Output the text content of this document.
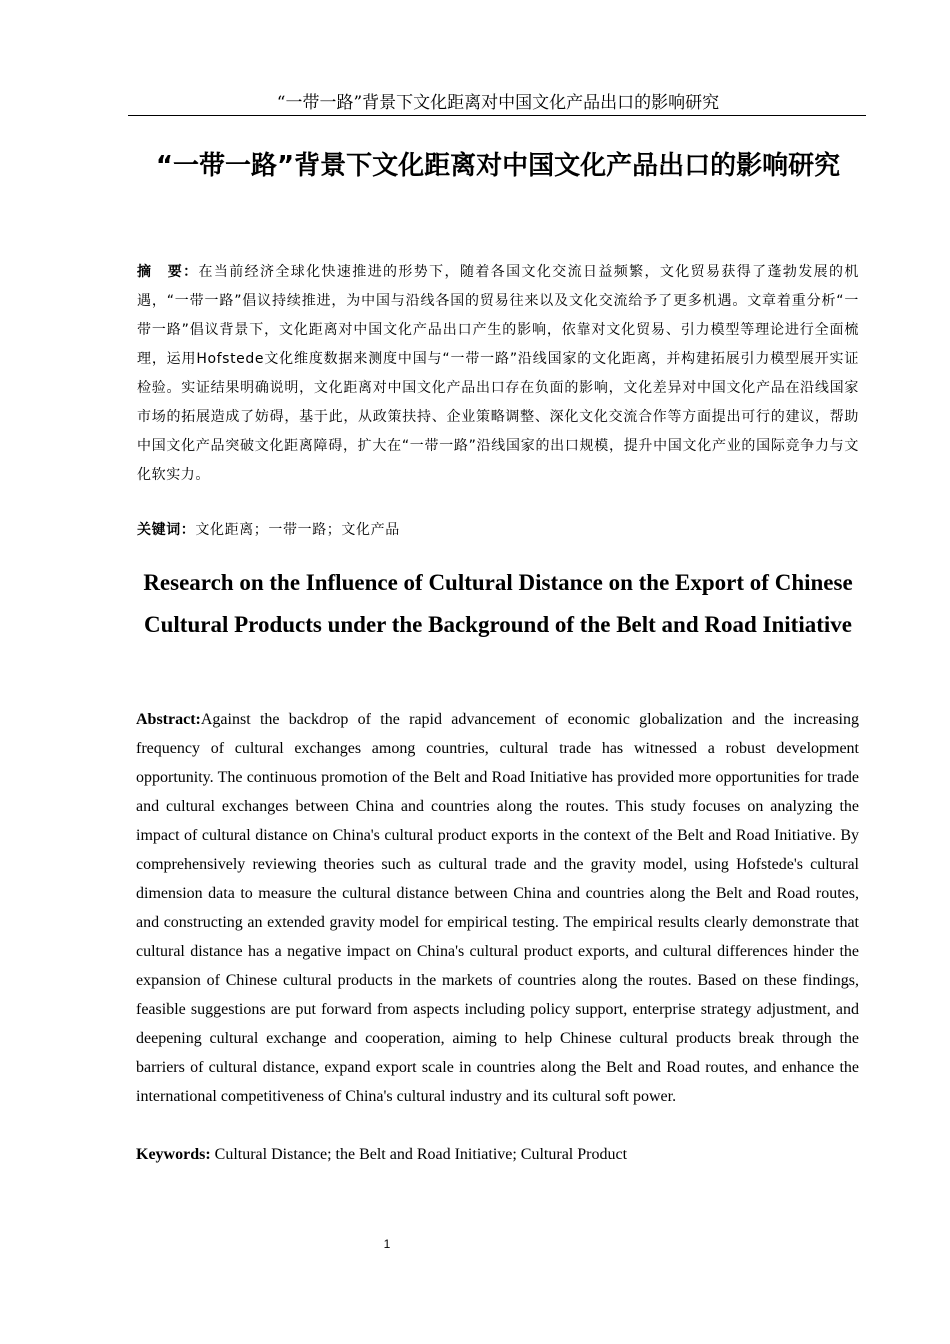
“一带一路”背景下文化距离对中国文化产品出口的影响研究
“一带一路”背景下文化距离对中国文化产品出口的影响研究
摘　要：在当前经济全球化快速推进的形势下，随着各国文化交流日益频繁，文化贸易获得了蓬勃发展的机遇，“一带一路”倡议持续推进，为中国与沿线各国的贸易往来以及文化交流给予了更多机遇。文章着重分析“一带一路”倡议背景下，文化距离对中国文化产品出口产生的影响，依靠对文化贸易、引力模型等理论进行全面梳理，运用Hofstede文化维度数据来测度中国与“一带一路”沿线国家的文化距离，并构建拓展引力模型展开实证检验。实证结果明确说明，文化距离对中国文化产品出口存在负面的影响，文化差异对中国文化产品在沿线国家市场的拓展造成了妨碍，基于此，从政策扶持、企业策略调整、深化文化交流合作等方面提出可行的建议，帮助中国文化产品突破文化距离障碍，扩大在“一带一路”沿线国家的出口规模，提升中国文化产业的国际竞争力与文化软实力。
关键词：文化距离；一带一路；文化产品
Research on the Influence of Cultural Distance on the Export of Chinese Cultural Products under the Background of the Belt and Road Initiative
Abstract:Against the backdrop of the rapid advancement of economic globalization and the increasing frequency of cultural exchanges among countries, cultural trade has witnessed a robust development opportunity. The continuous promotion of the Belt and Road Initiative has provided more opportunities for trade and cultural exchanges between China and countries along the routes. This study focuses on analyzing the impact of cultural distance on China's cultural product exports in the context of the Belt and Road Initiative. By comprehensively reviewing theories such as cultural trade and the gravity model, using Hofstede's cultural dimension data to measure the cultural distance between China and countries along the Belt and Road routes, and constructing an extended gravity model for empirical testing. The empirical results clearly demonstrate that cultural distance has a negative impact on China's cultural product exports, and cultural differences hinder the expansion of Chinese cultural products in the markets of countries along the routes. Based on these findings, feasible suggestions are put forward from aspects including policy support, enterprise strategy adjustment, and deepening cultural exchange and cooperation, aiming to help Chinese cultural products break through the barriers of cultural distance, expand export scale in countries along the Belt and Road routes, and enhance the international competitiveness of China's cultural industry and its cultural soft power.
Keywords: Cultural Distance; the Belt and Road Initiative; Cultural Product
1
